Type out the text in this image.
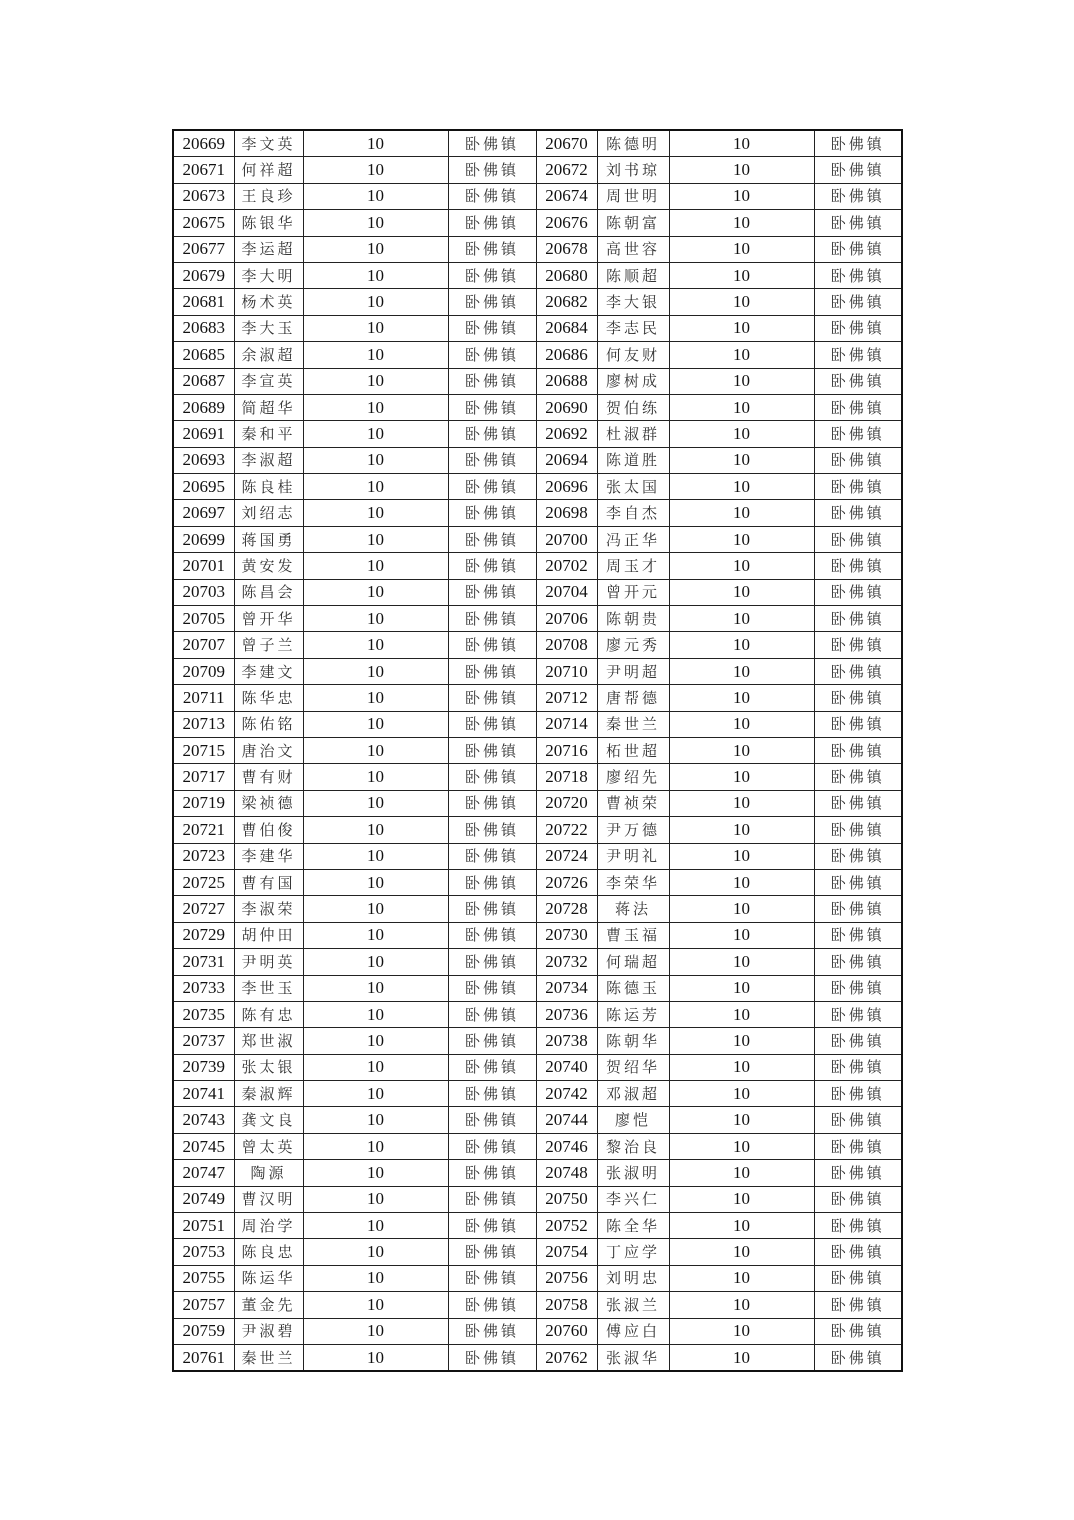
20669	李文英	10	卧佛镇	20670	陈德明	10	卧佛镇
20671	何祥超	10	卧佛镇	20672	刘书琼	10	卧佛镇
20673	王良珍	10	卧佛镇	20674	周世明	10	卧佛镇
20675	陈银华	10	卧佛镇	20676	陈朝富	10	卧佛镇
20677	李运超	10	卧佛镇	20678	高世容	10	卧佛镇
20679	李大明	10	卧佛镇	20680	陈顺超	10	卧佛镇
20681	杨术英	10	卧佛镇	20682	李大银	10	卧佛镇
20683	李大玉	10	卧佛镇	20684	李志民	10	卧佛镇
20685	余淑超	10	卧佛镇	20686	何友财	10	卧佛镇
20687	李宣英	10	卧佛镇	20688	廖树成	10	卧佛镇
20689	简超华	10	卧佛镇	20690	贺伯练	10	卧佛镇
20691	秦和平	10	卧佛镇	20692	杜淑群	10	卧佛镇
20693	李淑超	10	卧佛镇	20694	陈道胜	10	卧佛镇
20695	陈良桂	10	卧佛镇	20696	张太国	10	卧佛镇
20697	刘绍志	10	卧佛镇	20698	李自杰	10	卧佛镇
20699	蒋国勇	10	卧佛镇	20700	冯正华	10	卧佛镇
20701	黄安发	10	卧佛镇	20702	周玉才	10	卧佛镇
20703	陈昌会	10	卧佛镇	20704	曾开元	10	卧佛镇
20705	曾开华	10	卧佛镇	20706	陈朝贵	10	卧佛镇
20707	曾子兰	10	卧佛镇	20708	廖元秀	10	卧佛镇
20709	李建文	10	卧佛镇	20710	尹明超	10	卧佛镇
20711	陈华忠	10	卧佛镇	20712	唐帮德	10	卧佛镇
20713	陈佑铭	10	卧佛镇	20714	秦世兰	10	卧佛镇
20715	唐治文	10	卧佛镇	20716	柘世超	10	卧佛镇
20717	曹有财	10	卧佛镇	20718	廖绍先	10	卧佛镇
20719	梁祯德	10	卧佛镇	20720	曹祯荣	10	卧佛镇
20721	曹伯俊	10	卧佛镇	20722	尹万德	10	卧佛镇
20723	李建华	10	卧佛镇	20724	尹明礼	10	卧佛镇
20725	曹有国	10	卧佛镇	20726	李荣华	10	卧佛镇
20727	李淑荣	10	卧佛镇	20728	蒋法	10	卧佛镇
20729	胡仲田	10	卧佛镇	20730	曹玉福	10	卧佛镇
20731	尹明英	10	卧佛镇	20732	何瑞超	10	卧佛镇
20733	李世玉	10	卧佛镇	20734	陈德玉	10	卧佛镇
20735	陈有忠	10	卧佛镇	20736	陈运芳	10	卧佛镇
20737	郑世淑	10	卧佛镇	20738	陈朝华	10	卧佛镇
20739	张太银	10	卧佛镇	20740	贺绍华	10	卧佛镇
20741	秦淑辉	10	卧佛镇	20742	邓淑超	10	卧佛镇
20743	龚文良	10	卧佛镇	20744	廖恺	10	卧佛镇
20745	曾太英	10	卧佛镇	20746	黎治良	10	卧佛镇
20747	陶源	10	卧佛镇	20748	张淑明	10	卧佛镇
20749	曹汉明	10	卧佛镇	20750	李兴仁	10	卧佛镇
20751	周治学	10	卧佛镇	20752	陈全华	10	卧佛镇
20753	陈良忠	10	卧佛镇	20754	丁应学	10	卧佛镇
20755	陈运华	10	卧佛镇	20756	刘明忠	10	卧佛镇
20757	董金先	10	卧佛镇	20758	张淑兰	10	卧佛镇
20759	尹淑碧	10	卧佛镇	20760	傅应白	10	卧佛镇
20761	秦世兰	10	卧佛镇	20762	张淑华	10	卧佛镇
